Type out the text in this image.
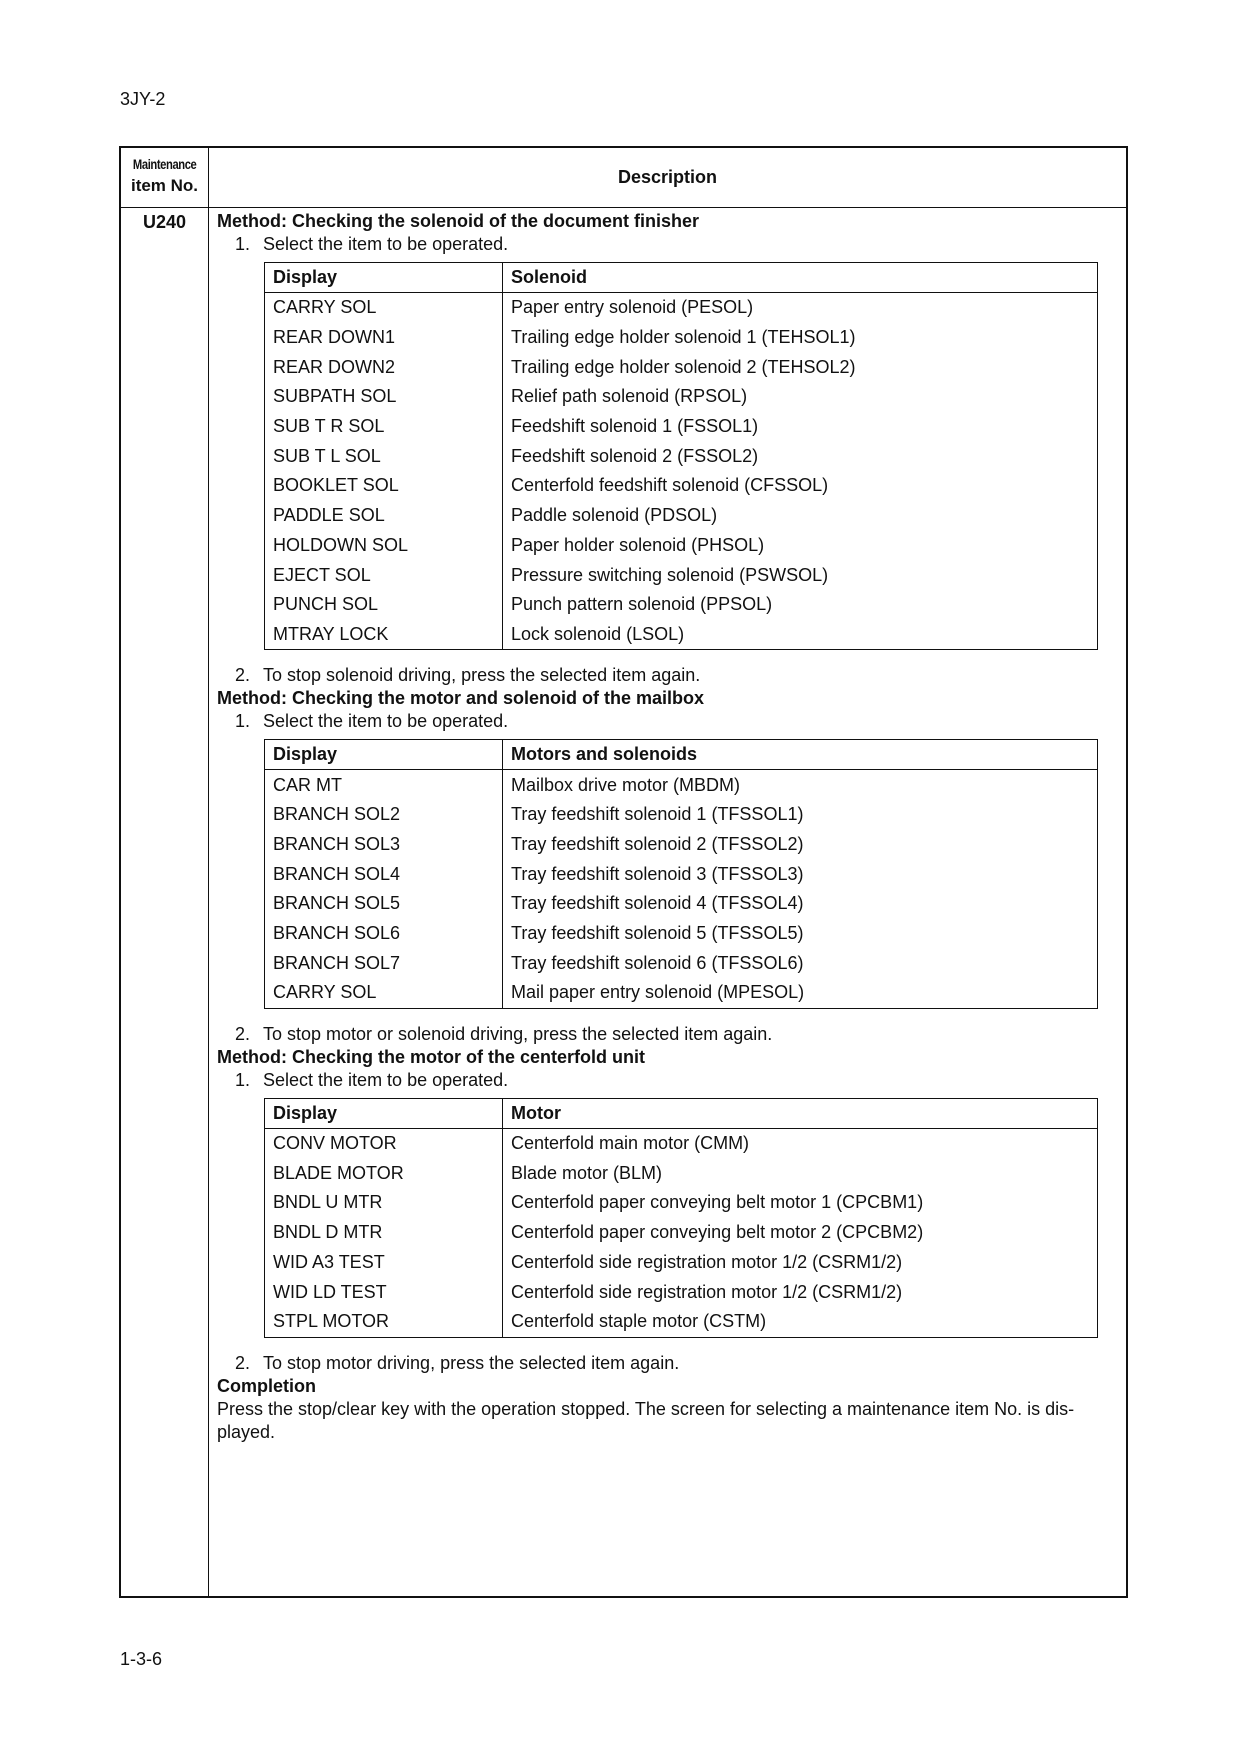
3JY-2
Maintenance
item No.	Description
U240	Method: Checking the solenoid of the document finisher
1. Select the item to be operated.
Display	Solenoid
CARRY SOL	Paper entry solenoid (PESOL)
REAR DOWN1	Trailing edge holder solenoid 1 (TEHSOL1)
REAR DOWN2	Trailing edge holder solenoid 2 (TEHSOL2)
SUBPATH SOL	Relief path solenoid (RPSOL)
SUB T R SOL	Feedshift solenoid 1 (FSSOL1)
SUB T L SOL	Feedshift solenoid 2 (FSSOL2)
BOOKLET SOL	Centerfold feedshift solenoid (CFSSOL)
PADDLE SOL	Paddle solenoid (PDSOL)
HOLDOWN SOL	Paper holder solenoid (PHSOL)
EJECT SOL	Pressure switching solenoid (PSWSOL)
PUNCH SOL	Punch pattern solenoid (PPSOL)
MTRAY LOCK	Lock solenoid (LSOL)
2. To stop solenoid driving, press the selected item again.
Method: Checking the motor and solenoid of the mailbox
1. Select the item to be operated.
Display	Motors and solenoids
CAR MT	Mailbox drive motor (MBDM)
BRANCH SOL2	Tray feedshift solenoid 1 (TFSSOL1)
BRANCH SOL3	Tray feedshift solenoid 2 (TFSSOL2)
BRANCH SOL4	Tray feedshift solenoid 3 (TFSSOL3)
BRANCH SOL5	Tray feedshift solenoid 4 (TFSSOL4)
BRANCH SOL6	Tray feedshift solenoid 5 (TFSSOL5)
BRANCH SOL7	Tray feedshift solenoid 6 (TFSSOL6)
CARRY SOL	Mail paper entry solenoid (MPESOL)
2. To stop motor or solenoid driving, press the selected item again.
Method: Checking the motor of the centerfold unit
1. Select the item to be operated.
Display	Motor
CONV MOTOR	Centerfold main motor (CMM)
BLADE MOTOR	Blade motor (BLM)
BNDL U MTR	Centerfold paper conveying belt motor 1 (CPCBM1)
BNDL D MTR	Centerfold paper conveying belt motor 2 (CPCBM2)
WID A3 TEST	Centerfold side registration motor 1/2 (CSRM1/2)
WID LD TEST	Centerfold side registration motor 1/2 (CSRM1/2)
STPL MOTOR	Centerfold staple motor (CSTM)
2. To stop motor driving, press the selected item again.
Completion
Press the stop/clear key with the operation stopped. The screen for selecting a maintenance item No. is dis-played.
1-3-6
